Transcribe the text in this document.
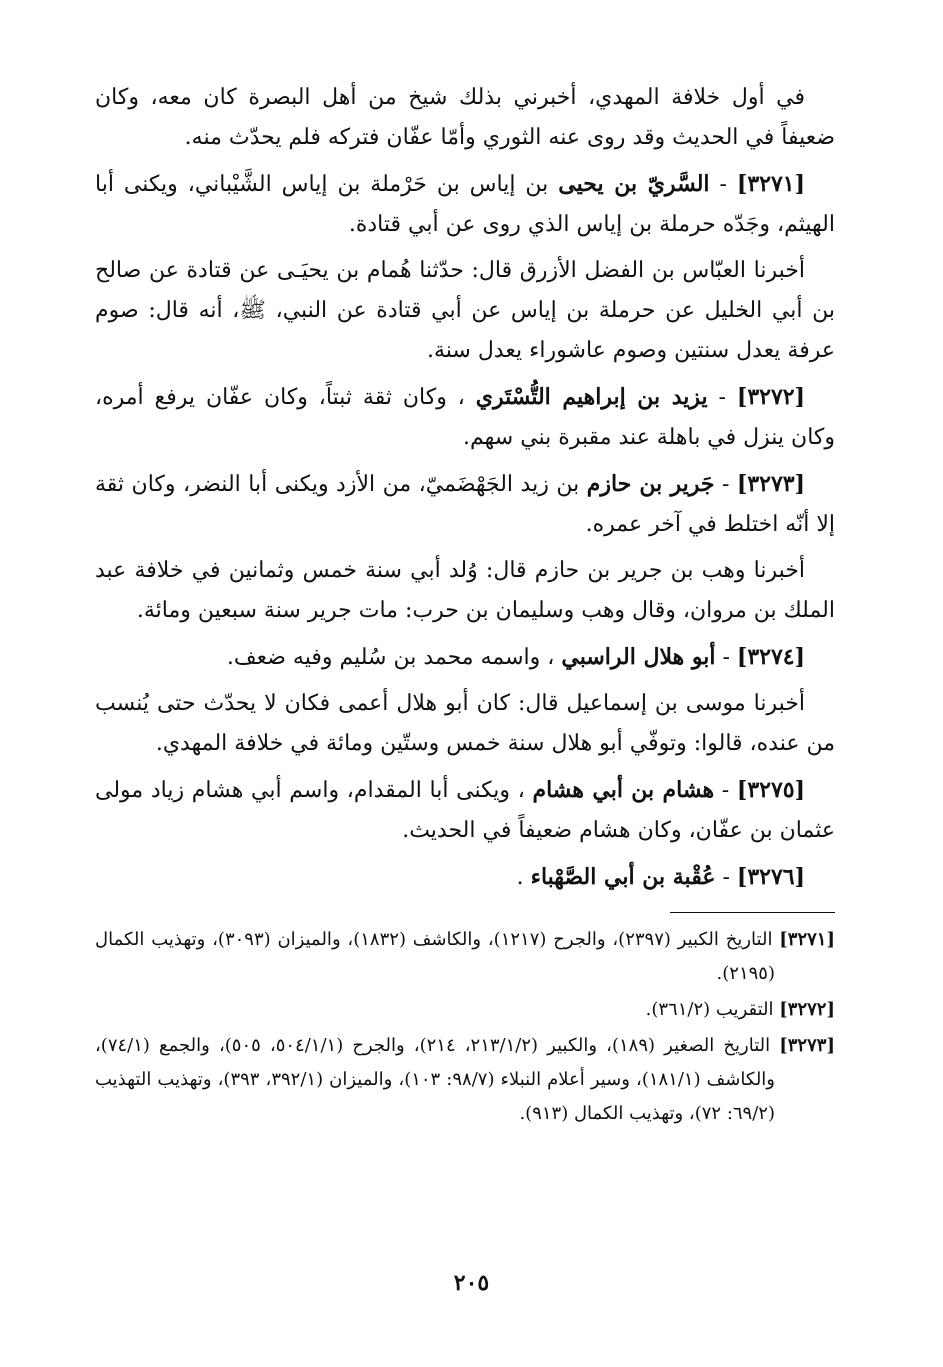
في أول خلافة المهدي، أخبرني بذلك شيخ من أهل البصرة كان معه، وكان ضعيفاً في الحديث وقد روى عنه الثوري وأمّا عفّان فتركه فلم يحدّث منه.

[٣٢٧١] - السَّريّ بن يحيى بن إياس بن حَرْملة بن إياس الشَّيْباني، ويكنى أبا الهيثم، وجَدّه حرملة بن إياس الذي روى عن أبي قتادة.

أخبرنا العبّاس بن الفضل الأزرق قال: حدّثنا هُمام بن يحيَـى عن قتادة عن صالح بن أبي الخليل عن حرملة بن إياس عن أبي قتادة عن النبي، ﷺ، أنه قال: صوم عرفة يعدل سنتين وصوم عاشوراء يعدل سنة.

[٣٢٧٢] - يزيد بن إبراهيم التُّسْتَري ، وكان ثقة ثبتاً، وكان عفّان يرفع أمره، وكان ينزل في باهلة عند مقبرة بني سهم.

[٣٢٧٣] - جَرير بن حازم بن زيد الجَهْضَميّ، من الأزد ويكنى أبا النضر، وكان ثقة إلا أنّه اختلط في آخر عمره.

أخبرنا وهب بن جرير بن حازم قال: وُلد أبي سنة خمس وثمانين في خلافة عبد الملك بن مروان، وقال وهب وسليمان بن حرب: مات جرير سنة سبعين ومائة.

[٣٢٧٤] - أبو هلال الراسبي ، واسمه محمد بن سُليم وفيه ضعف.

أخبرنا موسى بن إسماعيل قال: كان أبو هلال أعمى فكان لا يحدّث حتى يُنسب من عنده، قالوا: وتوفّي أبو هلال سنة خمس وستّين ومائة في خلافة المهدي.

[٣٢٧٥] - هشام بن أبي هشام ، ويكنى أبا المقدام، واسم أبي هشام زياد مولى عثمان بن عفّان، وكان هشام ضعيفاً في الحديث.

[٣٢٧٦] - عُقْبة بن أبي الصَّهْباء .

[٣٢٧١] التاريخ الكبير (٢٣٩٧)، والجرح (١٢١٧)، والكاشف (١٨٣٢)، والميزان (٣٠٩٣)، وتهذيب الكمال (٢١٩٥).

[٣٢٧٢] التقريب (٣٦١/٢).

[٣٢٧٣] التاريخ الصغير (١٨٩)، والكبير (٢١٣/١/٢، ٢١٤)، والجرح (٥٠٤/١/١، ٥٠٥)، والجمع (٧٤/١)، والكاشف (١٨١/١)، وسير أعلام النبلاء (٩٨/٧: ١٠٣)، والميزان (٣٩٢/١، ٣٩٣)، وتهذيب التهذيب (٦٩/٢: ٧٢)، وتهذيب الكمال (٩١٣).

٢٠٥
